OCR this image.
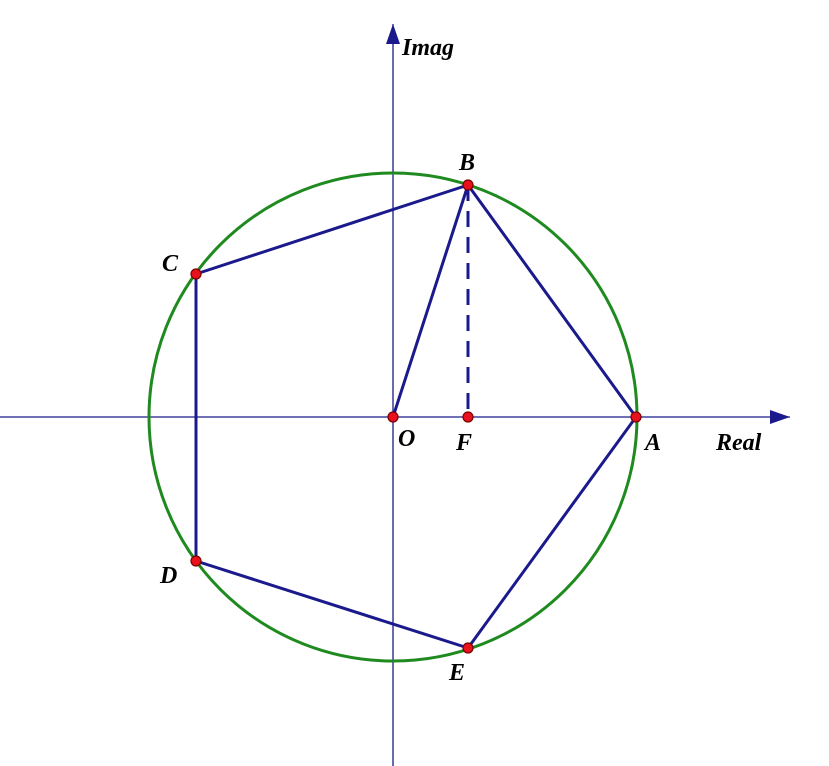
Real
Imag
O F	A
B
C
D
E
